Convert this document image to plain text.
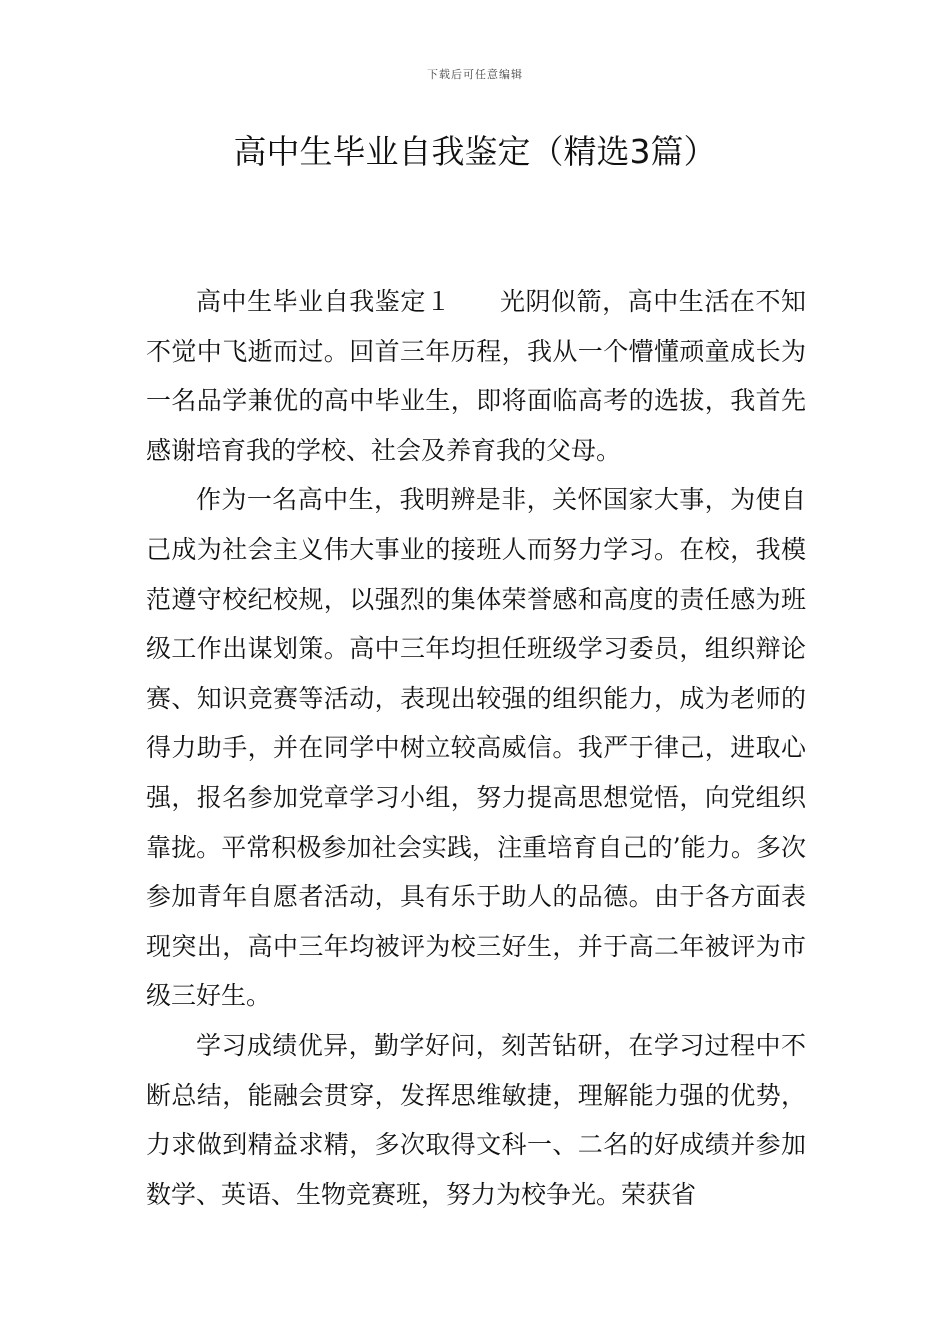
下载后可任意编辑
高中生毕业自我鉴定（精选3篇）

高中生毕业自我鉴定１ 光阴似箭，高中生活在不知不觉中飞逝而过。回首三年历程，我从一个懵懂顽童成长为一名品学兼优的高中毕业生，即将面临高考的选拔，我首先感谢培育我的学校、社会及养育我的父母。

作为一名高中生，我明辨是非，关怀国家大事，为使自己成为社会主义伟大事业的接班人而努力学习。在校，我模范遵守校纪校规，以强烈的集体荣誉感和高度的责任感为班级工作出谋划策。高中三年均担任班级学习委员，组织辩论赛、知识竞赛等活动，表现出较强的组织能力，成为老师的得力助手，并在同学中树立较高威信。我严于律己，进取心强，报名参加党章学习小组，努力提高思想觉悟，向党组织靠拢。平常积极参加社会实践，注重培育自己的’能力。多次参加青年自愿者活动，具有乐于助人的品德。由于各方面表现突出，高中三年均被评为校三好生，并于高二年被评为市级三好生。

学习成绩优异，勤学好问，刻苦钻研，在学习过程中不断总结，能融会贯穿，发挥思维敏捷，理解能力强的优势，力求做到精益求精，多次取得文科一、二名的好成绩并参加数学、英语、生物竞赛班，努力为校争光。荣获省
